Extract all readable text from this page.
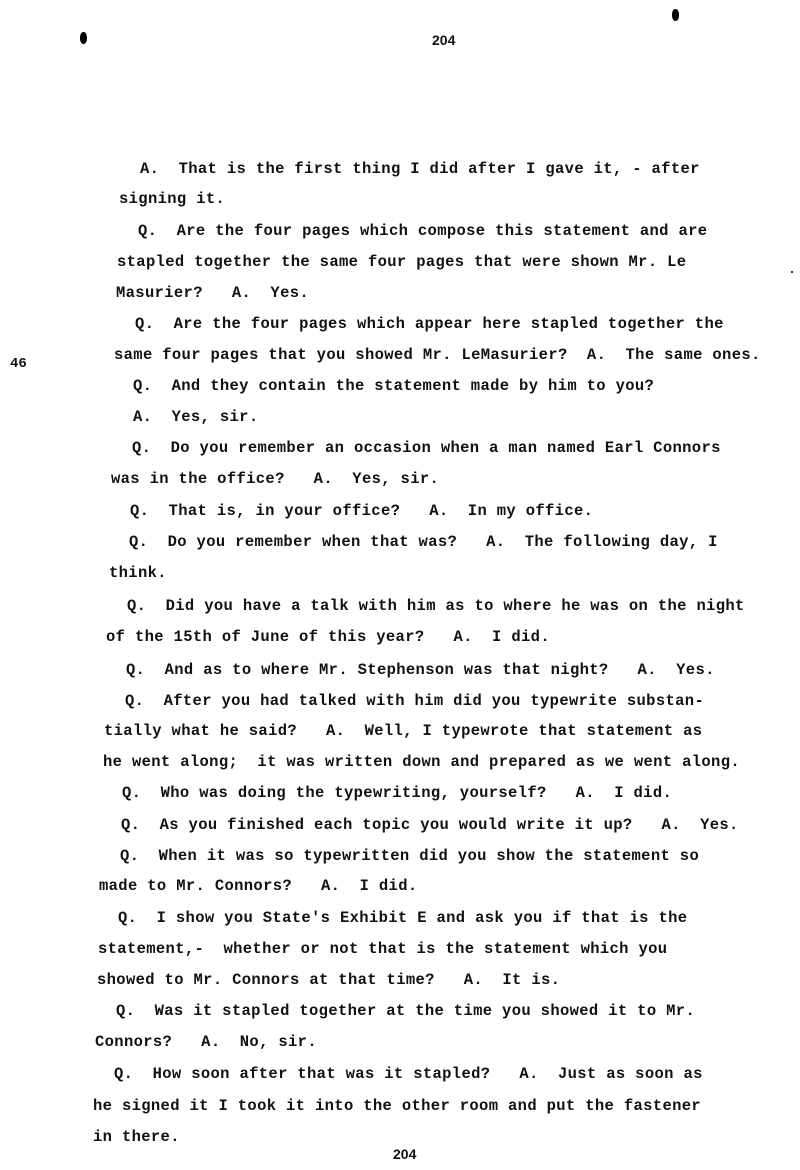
204
46
A.  That is the first thing I did after I gave it, - after
signing it.
Q.  Are the four pages which compose this statement and are
stapled together the same four pages that were shown Mr. Le
Masurier?   A.  Yes.
Q.  Are the four pages which appear here stapled together the
same four pages that you showed Mr. LeMasurier?  A.  The same ones.
Q.  And they contain the statement made by him to you?
A.  Yes, sir.
Q.  Do you remember an occasion when a man named Earl Connors
was in the office?   A.  Yes, sir.
Q.  That is, in your office?   A.  In my office.
Q.  Do you remember when that was?   A.  The following day, I
think.
Q.  Did you have a talk with him as to where he was on the night
of the 15th of June of this year?   A.  I did.
Q.  And as to where Mr. Stephenson was that night?   A.  Yes.
Q.  After you had talked with him did you typewrite substan-
tially what he said?   A.  Well, I typewrote that statement as
he went along;  it was written down and prepared as we went along.
Q.  Who was doing the typewriting, yourself?   A.  I did.
Q.  As you finished each topic you would write it up?   A.  Yes.
Q.  When it was so typewritten did you show the statement so
made to Mr. Connors?   A.  I did.
Q.  I show you State's Exhibit E and ask you if that is the
statement,-  whether or not that is the statement which you
showed to Mr. Connors at that time?   A.  It is.
Q.  Was it stapled together at the time you showed it to Mr.
Connors?   A.  No, sir.
Q.  How soon after that was it stapled?   A.  Just as soon as
he signed it I took it into the other room and put the fastener
in there.
204
